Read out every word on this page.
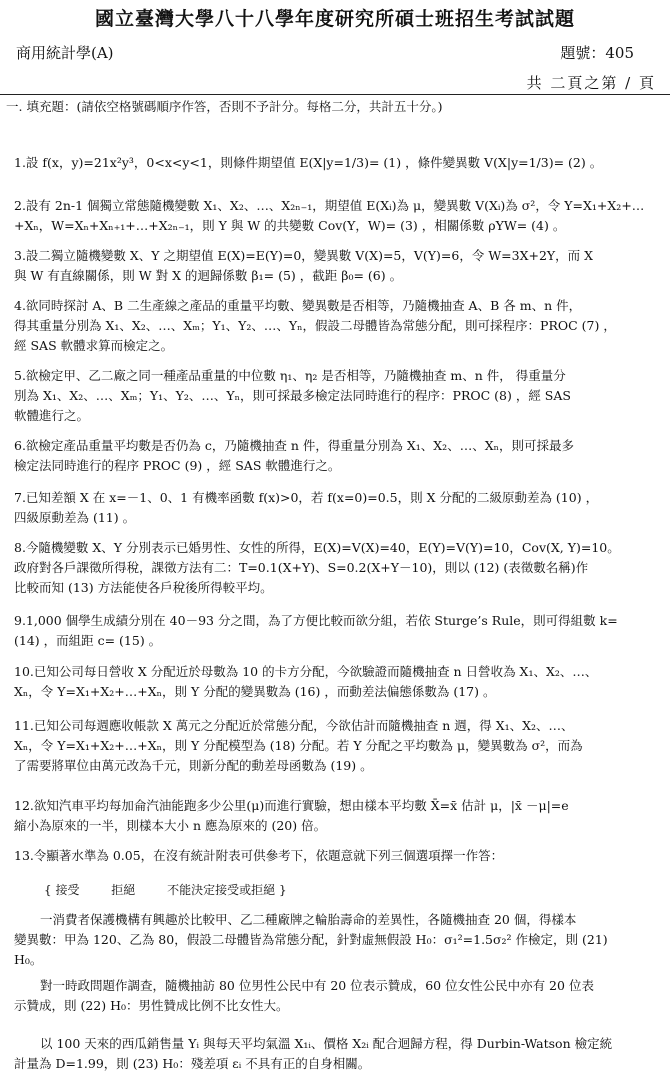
國立臺灣大學八十八學年度研究所碩士班招生考試試題
商用統計學(A)	題號：405
共 二頁之第 / 頁
一. 填充題：(請依空格號碼順序作答，否則不予計分。每格二分，共計五十分。)

1.設 f(x，y)=21x²y³，0<x<y<1，則條件期望值 E(X|y=1/3)= (1) ，條件變異數 V(X|y=1/3)= (2) 。

2.設有 2n-1 個獨立常態隨機變數 X₁、X₂、…、X₂ₙ₋₁，期望值 E(Xᵢ)為 μ，變異數 V(Xᵢ)為 σ²，令 Y=X₁+X₂+…

+Xₙ，W=Xₙ+Xₙ₊₁+…+X₂ₙ₋₁，則 Y 與 W 的共變數 Cov(Y，W)= (3) ，相關係數 ρYW= (4) 。

3.設二獨立隨機變數 X、Y 之期望值 E(X)=E(Y)=0，變異數 V(X)=5，V(Y)=6，令 W=3X+2Y，而 X

與 W 有直線關係，則 W 對 X 的迴歸係數 β₁= (5) ，截距 β₀= (6) 。

4.欲同時探討 A、B 二生產線之產品的重量平均數、變異數是否相等，乃隨機抽查 A、B 各 m、n 件，

得其重量分別為 X₁、X₂、…、Xₘ；Y₁、Y₂、…、Yₙ，假設二母體皆為常態分配，則可採程序：PROC (7) ，

經 SAS 軟體求算而檢定之。

5.欲檢定甲、乙二廠之同一種產品重量的中位數 η₁、η₂ 是否相等，乃隨機抽查 m、n 件， 得重量分

別為 X₁、X₂、…、Xₘ；Y₁、Y₂、…、Yₙ，則可採最多檢定法同時進行的程序：PROC (8) ，經 SAS

軟體進行之。

6.欲檢定產品重量平均數是否仍為 c，乃隨機抽查 n 件，得重量分別為 X₁、X₂、…、Xₙ，則可採最多

檢定法同時進行的程序 PROC (9) ，經 SAS 軟體進行之。

7.已知差額 X 在 x=－1、0、1 有機率函數 f(x)>0，若 f(x=0)=0.5，則 X 分配的二級原動差為 (10) ，

四級原動差為 (11) 。

8.今隨機變數 X、Y 分別表示已婚男性、女性的所得，E(X)=V(X)=40，E(Y)=V(Y)=10，Cov(X, Y)=10。

政府對各戶課徵所得稅，課徵方法有二：T=0.1(X+Y)、S=0.2(X+Y－10)，則以 (12) (表徵數名稱)作

比較而知 (13) 方法能使各戶稅後所得較平均。

9.1,000 個學生成績分別在 40－93 分之間，為了方便比較而欲分組，若依 Sturge’s Rule，則可得組數 k=

(14) ，而組距 c= (15) 。

10.已知公司每日營收 X 分配近於母數為 10 的卡方分配，今欲驗證而隨機抽查 n 日營收為 X₁、X₂、…、

Xₙ，令 Y=X₁+X₂+…+Xₙ，則 Y 分配的變異數為 (16) ，而動差法偏態係數為 (17) 。

11.已知公司每週應收帳款 X 萬元之分配近於常態分配，今欲估計而隨機抽查 n 週，得 X₁、X₂、…、

Xₙ，令 Y=X₁+X₂+…+Xₙ，則 Y 分配模型為 (18) 分配。若 Y 分配之平均數為 μ，變異數為 σ²，而為

了需要將單位由萬元改為千元，則新分配的動差母函數為 (19) 。

12.欲知汽車平均每加侖汽油能跑多少公里(μ)而進行實驗，想由樣本平均數 X̄=x̄ 估計 μ，|x̄ －μ|=e

縮小為原來的一半，則樣本大小 n 應為原來的 (20) 倍。

13.令顯著水準為 0.05，在沒有統計附表可供參考下，依題意就下列三個選項擇一作答：

{ 接受	拒絕	不能決定接受或拒絕 }

一消費者保護機構有興趣於比較甲、乙二種廠牌之輪胎壽命的差異性，各隨機抽查 20 個，得樣本

變異數：甲為 120、乙為 80，假設二母體皆為常態分配，針對虛無假設 H₀：σ₁²=1.5σ₂² 作檢定，則 (21)

H₀。

對一時政問題作調查，隨機抽訪 80 位男性公民中有 20 位表示贊成，60 位女性公民中亦有 20 位表

示贊成，則 (22) H₀：男性贊成比例不比女性大。

以 100 天來的西瓜銷售量 Yᵢ 與每天平均氣溫 X₁ᵢ、價格 X₂ᵢ 配合迴歸方程，得 Durbin-Watson 檢定統

計量為 D=1.99，則 (23) H₀：殘差項 εᵢ 不具有正的自身相關。
